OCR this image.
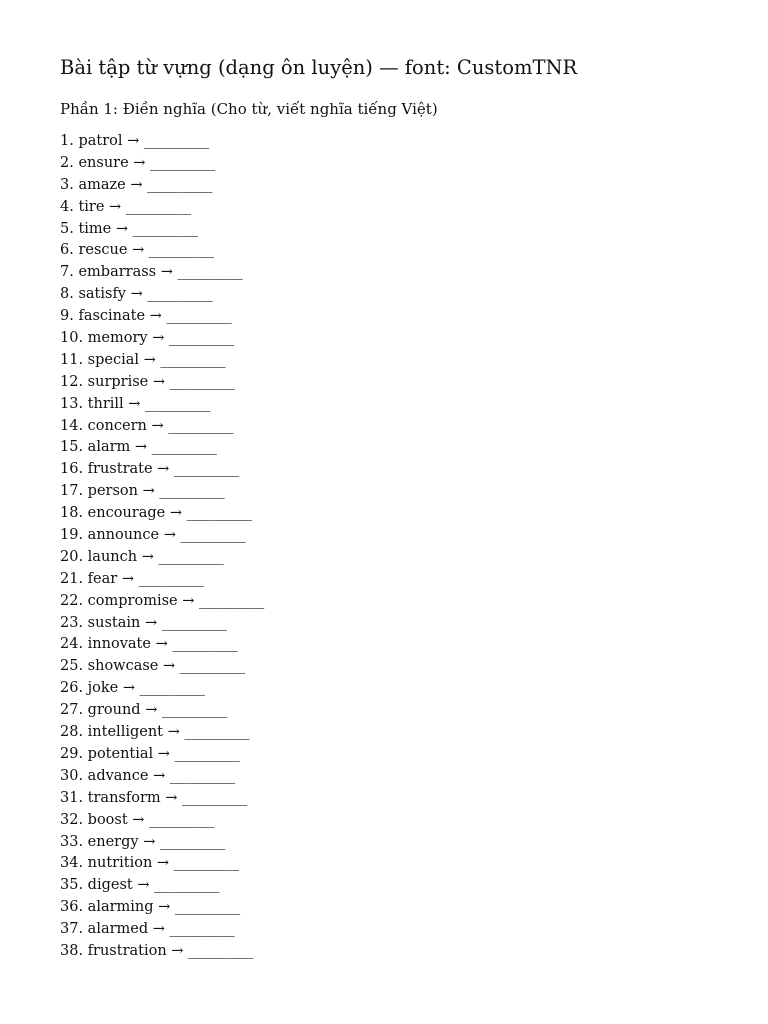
Bài tập từ vựng (dạng ôn luyện) — font: CustomTNR
Phần 1: Điền nghĩa (Cho từ, viết nghĩa tiếng Việt)
1. patrol → _________
2. ensure → _________
3. amaze → _________
4. tire → _________
5. time → _________
6. rescue → _________
7. embarrass → _________
8. satisfy → _________
9. fascinate → _________
10. memory → _________
11. special → _________
12. surprise → _________
13. thrill → _________
14. concern → _________
15. alarm → _________
16. frustrate → _________
17. person → _________
18. encourage → _________
19. announce → _________
20. launch → _________
21. fear → _________
22. compromise → _________
23. sustain → _________
24. innovate → _________
25. showcase → _________
26. joke → _________
27. ground → _________
28. intelligent → _________
29. potential → _________
30. advance → _________
31. transform → _________
32. boost → _________
33. energy → _________
34. nutrition → _________
35. digest → _________
36. alarming → _________
37. alarmed → _________
38. frustration → _________
